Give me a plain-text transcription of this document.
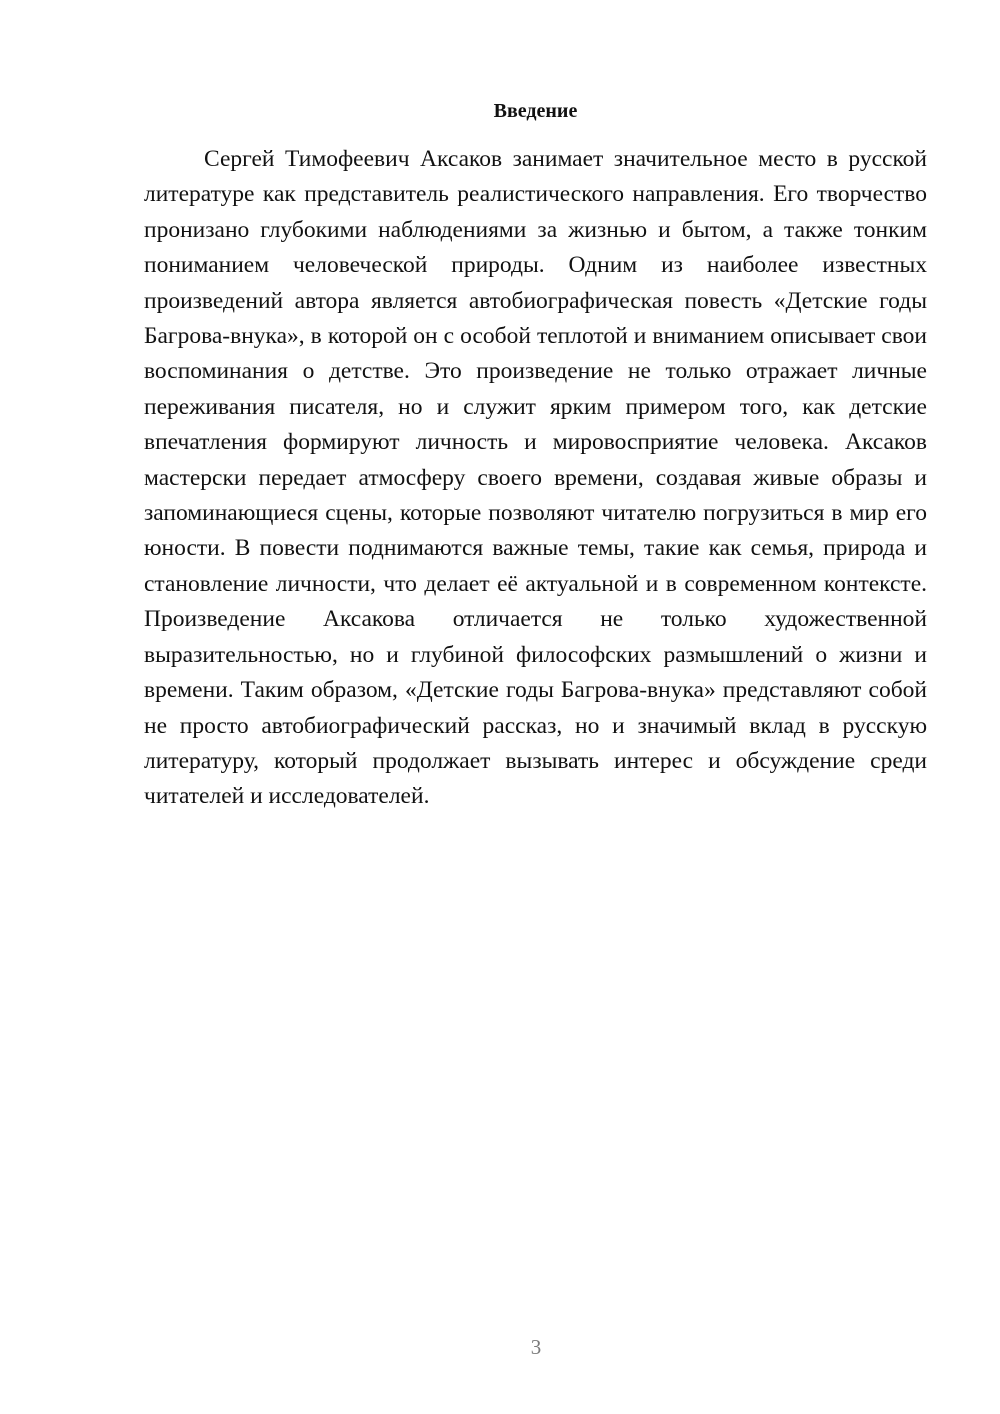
Введение

Сергей Тимофеевич Аксаков занимает значительное место в русской литературе как представитель реалистического направления. Его творчество пронизано глубокими наблюдениями за жизнью и бытом, а также тонким пониманием человеческой природы. Одним из наиболее известных произведений автора является автобиографическая повесть «Детские годы Багрова-внука», в которой он с особой теплотой и вниманием описывает свои воспоминания о детстве. Это произведение не только отражает личные переживания писателя, но и служит ярким примером того, как детские впечатления формируют личность и мировосприятие человека. Аксаков мастерски передает атмосферу своего времени, создавая живые образы и запоминающиеся сцены, которые позволяют читателю погрузиться в мир его юности. В повести поднимаются важные темы, такие как семья, природа и становление личности, что делает её актуальной и в современном контексте. Произведение Аксакова отличается не только художественной выразительностью, но и глубиной философских размышлений о жизни и времени. Таким образом, «Детские годы Багрова-внука» представляют собой не просто автобиографический рассказ, но и значимый вклад в русскую литературу, который продолжает вызывать интерес и обсуждение среди читателей и исследователей.

3
